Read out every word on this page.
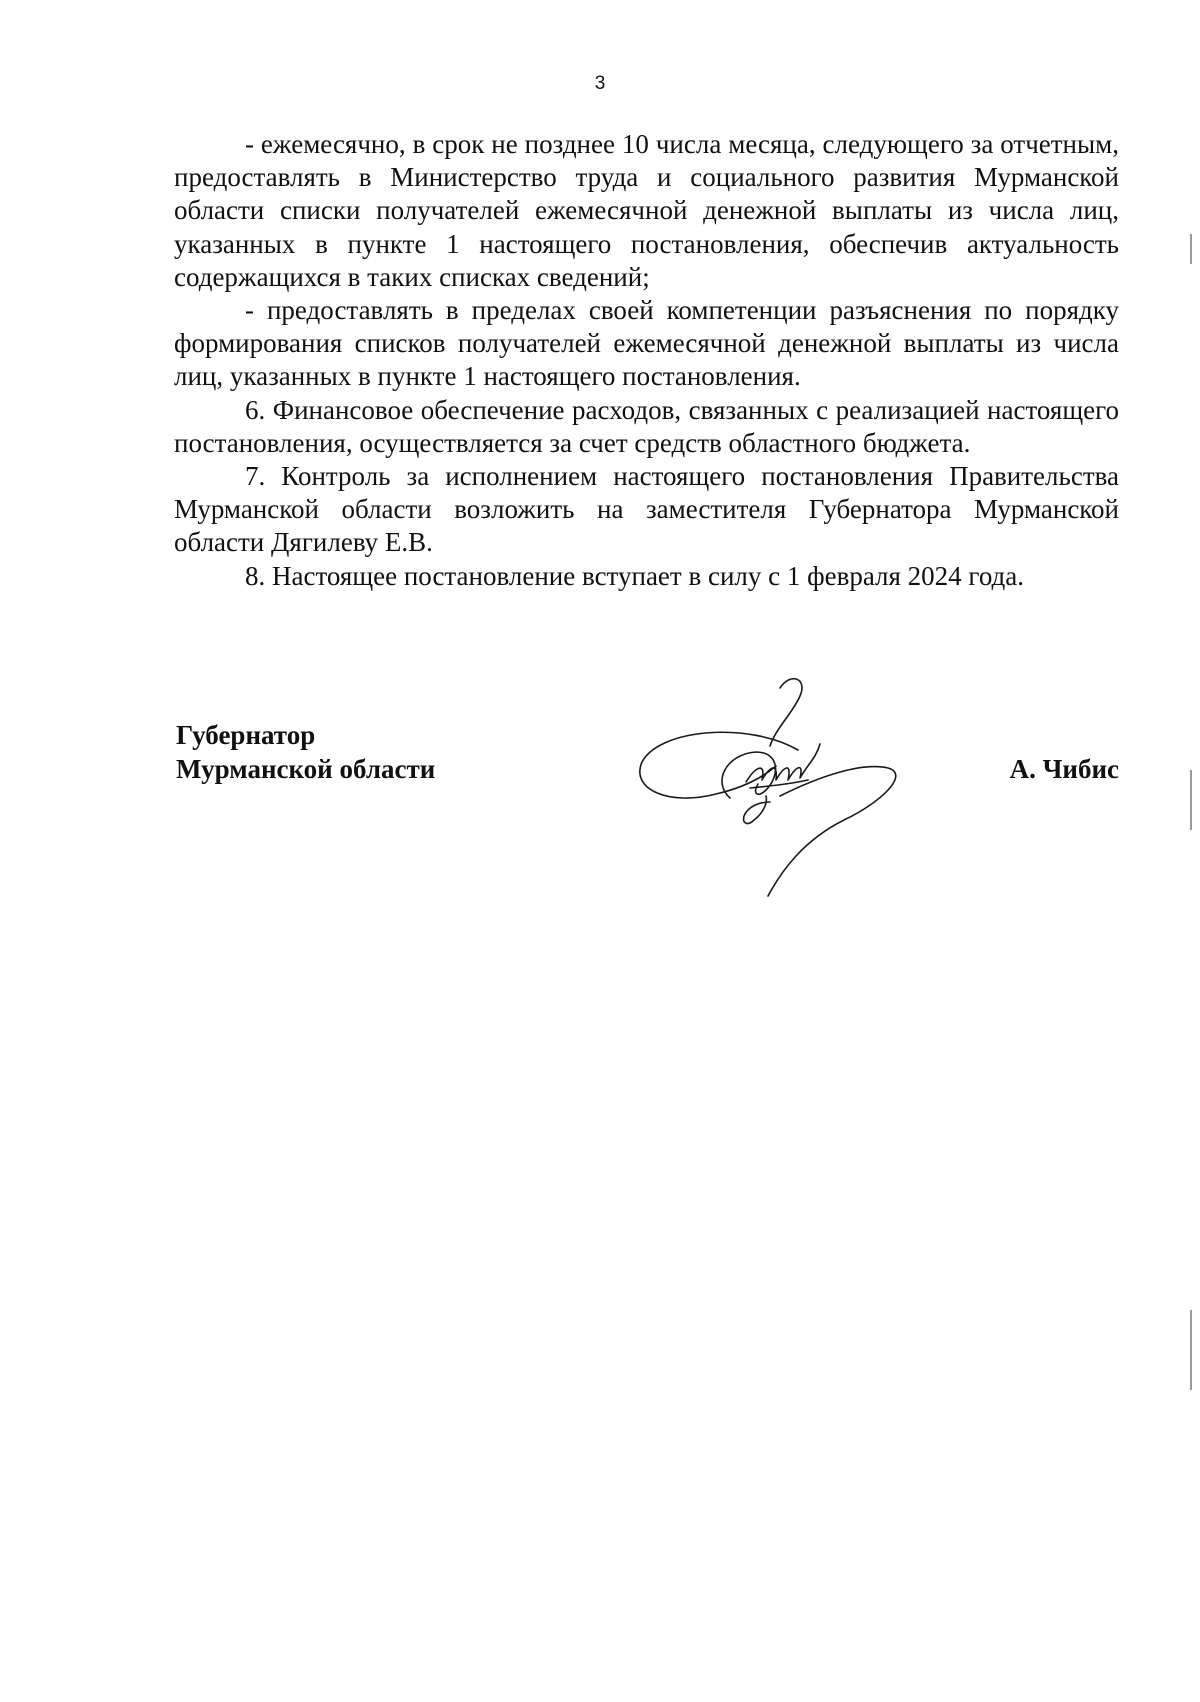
3

- ежемесячно, в срок не позднее 10 числа месяца, следующего за отчетным, предоставлять в Министерство труда и социального развития Мурманской области списки получателей ежемесячной денежной выплаты из числа лиц, указанных в пункте 1 настоящего постановления, обеспечив актуальность содержащихся в таких списках сведений;

- предоставлять в пределах своей компетенции разъяснения по порядку формирования списков получателей ежемесячной денежной выплаты из числа лиц, указанных в пункте 1 настоящего постановления.

6. Финансовое обеспечение расходов, связанных с реализацией настоящего постановления, осуществляется за счет средств областного бюджета.

7. Контроль за исполнением настоящего постановления Правительства Мурманской области возложить на заместителя Губернатора Мурманской области Дягилеву Е.В.

8. Настоящее постановление вступает в силу с 1 февраля 2024 года.

Губернатор
Мурманской области	А. Чибис
